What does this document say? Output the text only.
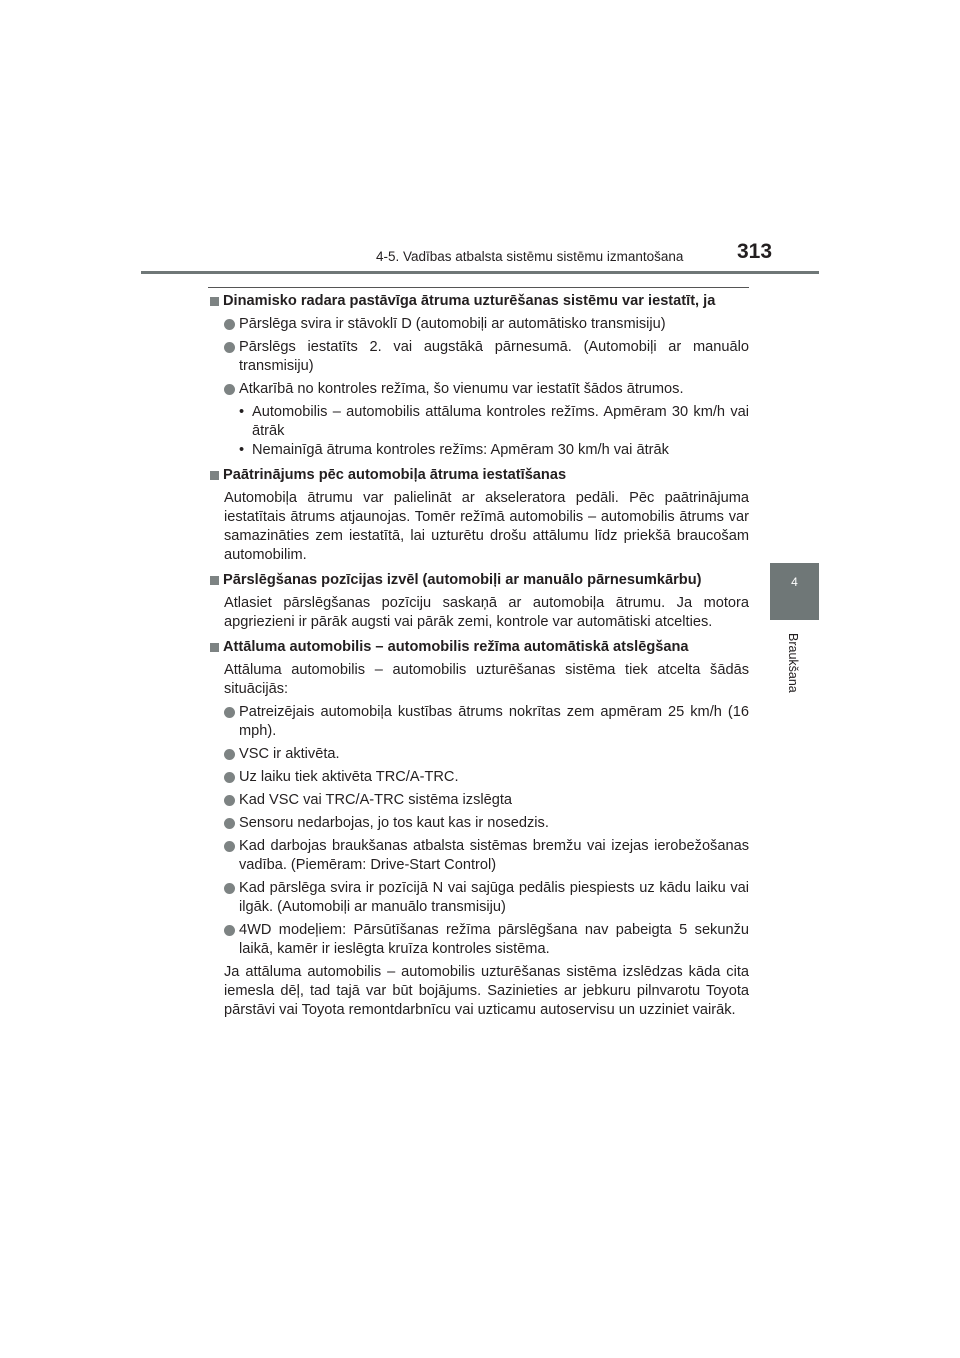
4-5. Vadības atbalsta sistēmu sistēmu izmantošana	313
4
Braukšana
Dinamisko radara pastāvīga ātruma uzturēšanas sistēmu var iestatīt, ja
Pārslēga svira ir stāvoklī D (automobiļi ar automātisko transmisiju)
Pārslēgs iestatīts 2. vai augstākā pārnesumā. (Automobiļi ar manuālo transmisiju)
Atkarībā no kontroles režīma, šo vienumu var iestatīt šādos ātrumos.
• Automobilis – automobilis attāluma kontroles režīms. Apmēram 30 km/h vai ātrāk
• Nemainīgā ātruma kontroles režīms: Apmēram 30 km/h vai ātrāk
Paātrinājums pēc automobiļa ātruma iestatīšanas
Automobiļa ātrumu var palielināt ar akseleratora pedāli. Pēc paātrinājuma iestatītais ātrums atjaunojas. Tomēr režīmā automobilis – automobilis ātrums var samazināties zem iestatītā, lai uzturētu drošu attālumu līdz priekšā braucošam automobilim.
Pārslēgšanas pozīcijas izvēl (automobiļi ar manuālo pārnesumkārbu)
Atlasiet pārslēgšanas pozīciju saskaņā ar automobiļa ātrumu. Ja motora apgriezieni ir pārāk augsti vai pārāk zemi, kontrole var automātiski atcelties.
Attāluma automobilis – automobilis režīma automātiskā atslēgšana
Attāluma automobilis – automobilis uzturēšanas sistēma tiek atcelta šādās situācijās:
Patreizējais automobiļa kustības ātrums nokrītas zem apmēram 25 km/h (16 mph).
VSC ir aktivēta.
Uz laiku tiek aktivēta TRC/A-TRC.
Kad VSC vai TRC/A-TRC sistēma izslēgta
Sensoru nedarbojas, jo tos kaut kas ir nosedzis.
Kad darbojas braukšanas atbalsta sistēmas bremžu vai izejas ierobežošanas vadība. (Piemēram: Drive-Start Control)
Kad pārslēga svira ir pozīcijā N vai sajūga pedālis piespiests uz kādu laiku vai ilgāk. (Automobiļi ar manuālo transmisiju)
4WD modeļiem: Pārsūtīšanas režīma pārslēgšana nav pabeigta 5 sekunžu laikā, kamēr ir ieslēgta kruīza kontroles sistēma.
Ja attāluma automobilis – automobilis uzturēšanas sistēma izslēdzas kāda cita iemesla dēļ, tad tajā var būt bojājums. Sazinieties ar jebkuru pilnvarotu Toyota pārstāvi vai Toyota remontdarbnīcu vai uzticamu autoservisu un uzziniet vairāk.
